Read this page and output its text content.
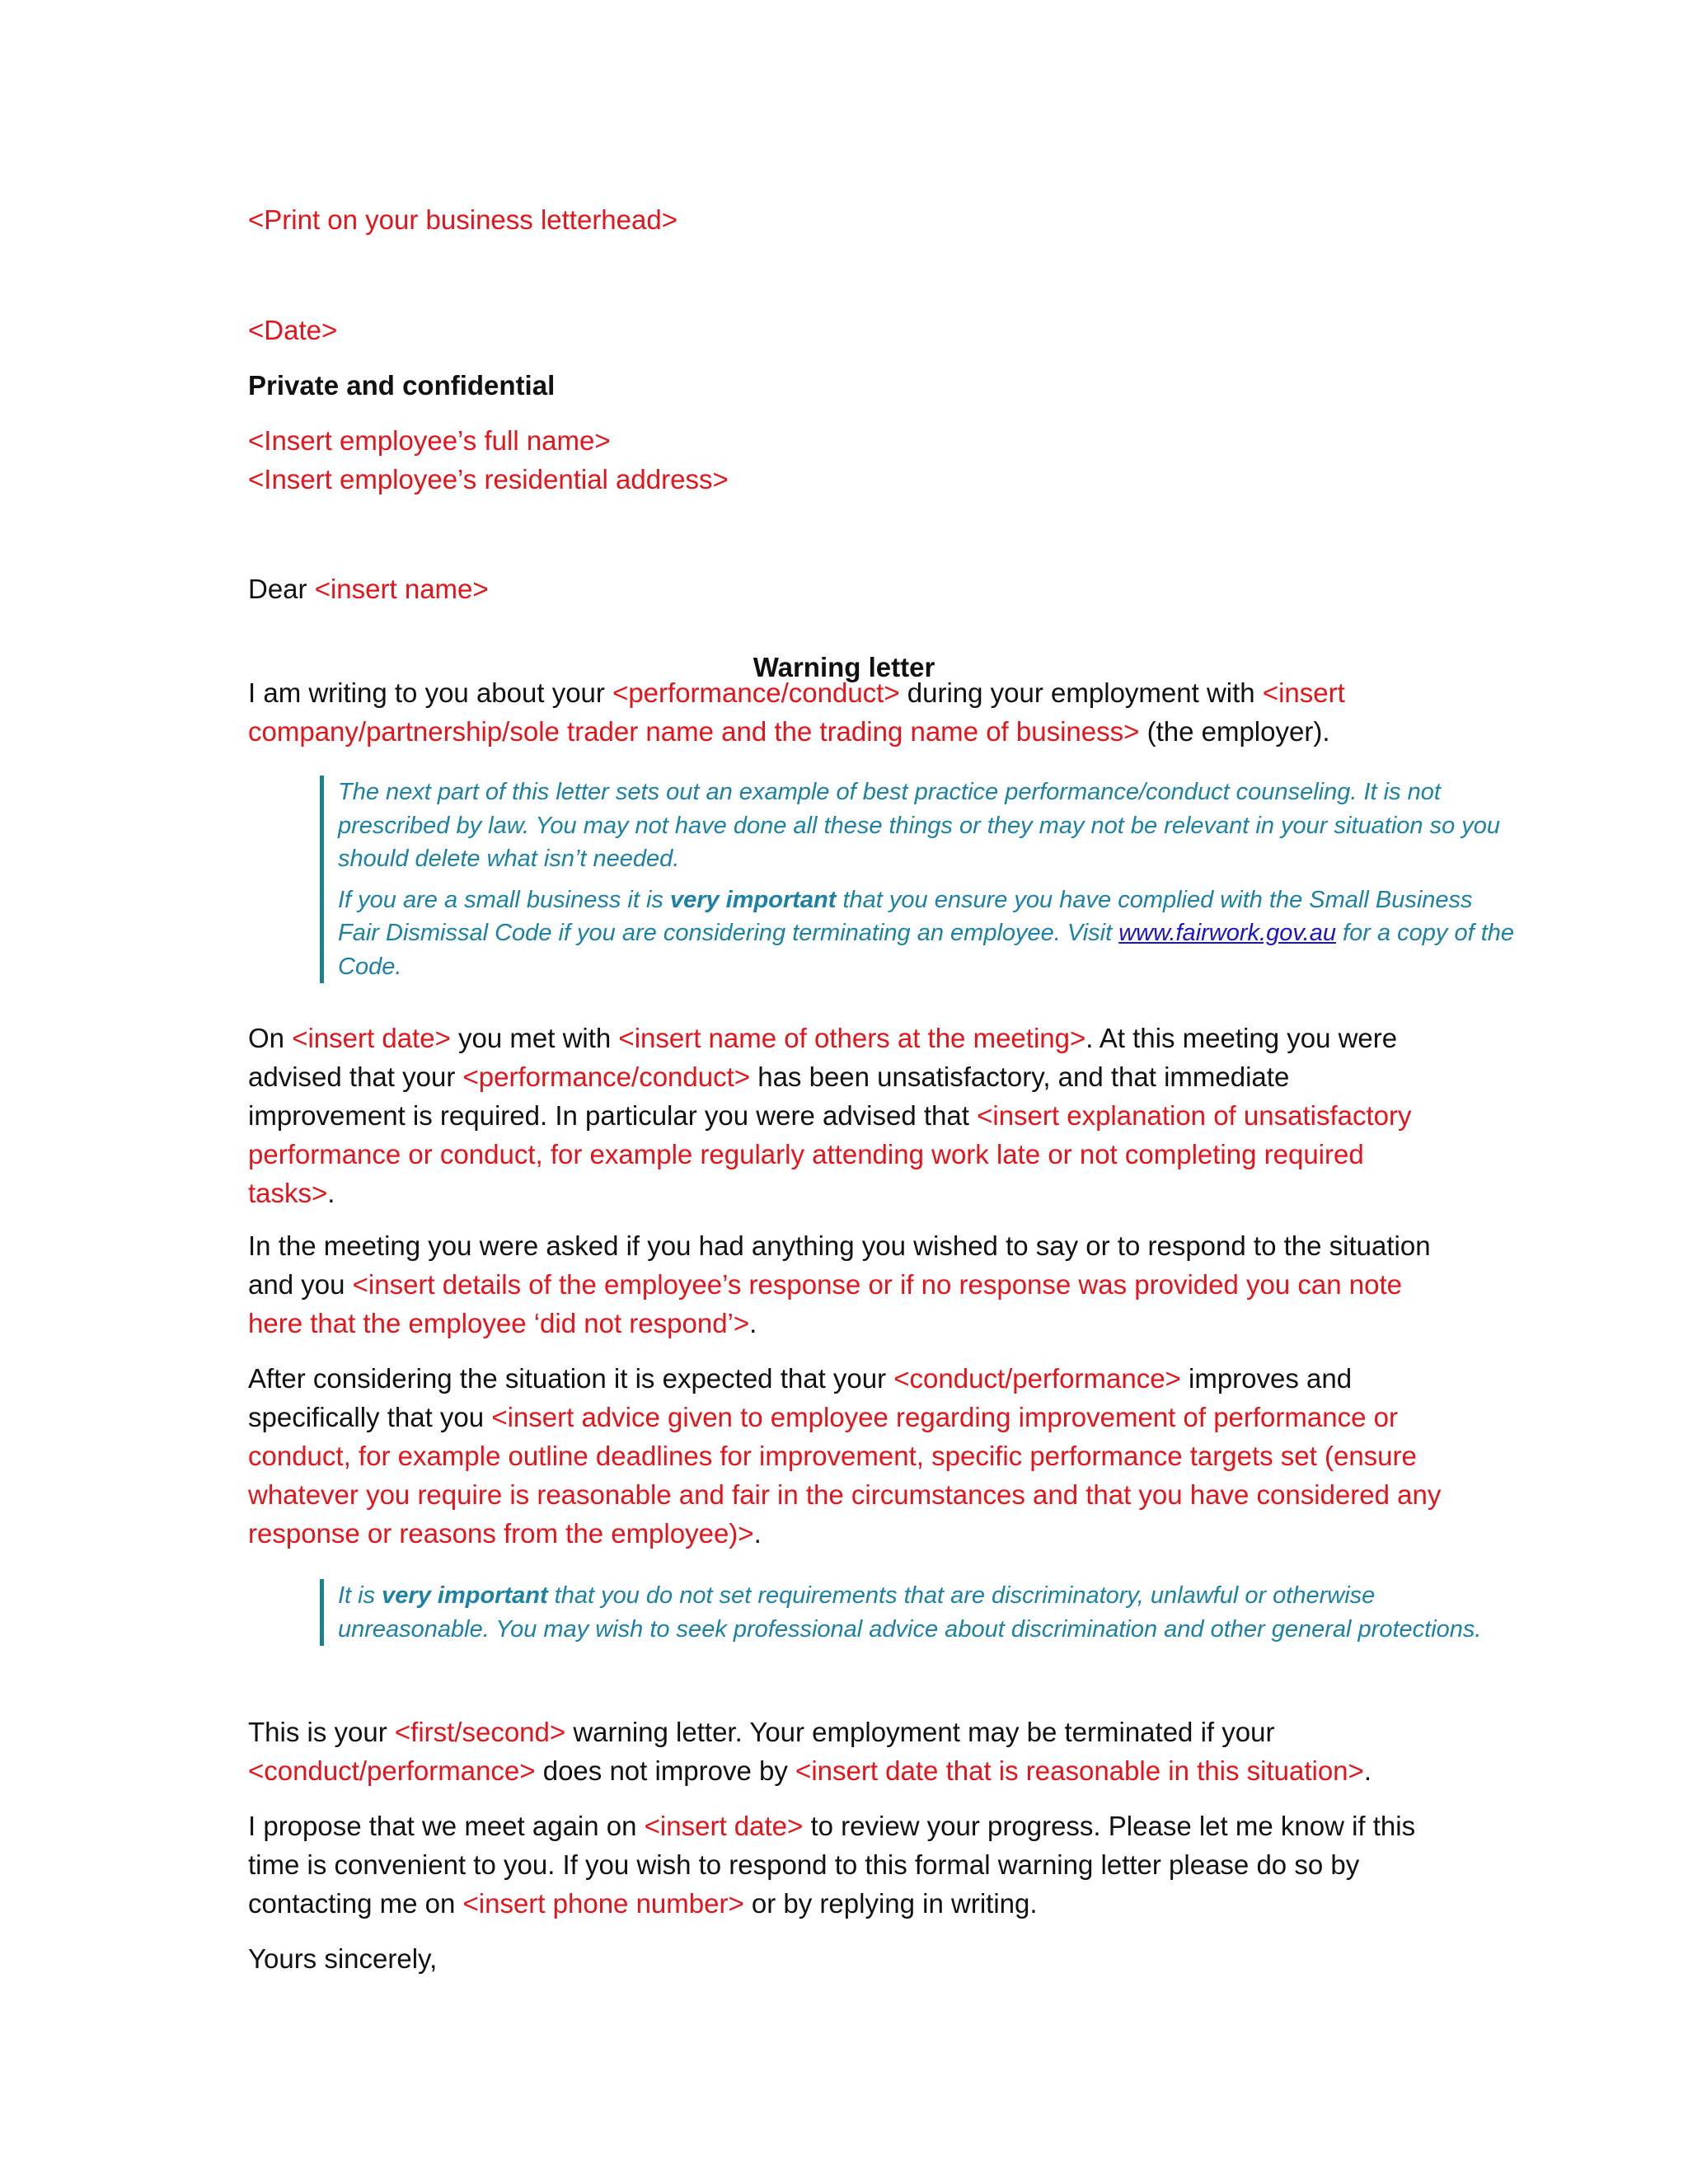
<Print on your business letterhead>

<Date>

Private and confidential

<Insert employee’s full name>

<Insert employee’s residential address>

Dear <insert name>

Warning letter

I am writing to you about your <performance/conduct> during your employment with <insert company/partnership/sole trader name and the trading name of business> (the employer).

The next part of this letter sets out an example of best practice performance/conduct counseling. It is not prescribed by law. You may not have done all these things or they may not be relevant in your situation so you should delete what isn’t needed.

If you are a small business it is very important that you ensure you have complied with the Small Business Fair Dismissal Code if you are considering terminating an employee. Visit www.fairwork.gov.au for a copy of the Code.

On <insert date> you met with <insert name of others at the meeting>. At this meeting you were advised that your <performance/conduct> has been unsatisfactory, and that immediate improvement is required. In particular you were advised that <insert explanation of unsatisfactory performance or conduct, for example regularly attending work late or not completing required tasks>.

In the meeting you were asked if you had anything you wished to say or to respond to the situation and you <insert details of the employee’s response or if no response was provided you can note here that the employee ‘did not respond’>.

After considering the situation it is expected that your <conduct/performance> improves and specifically that you <insert advice given to employee regarding improvement of performance or conduct, for example outline deadlines for improvement, specific performance targets set (ensure whatever you require is reasonable and fair in the circumstances and that you have considered any response or reasons from the employee)>.

It is very important that you do not set requirements that are discriminatory, unlawful or otherwise unreasonable. You may wish to seek professional advice about discrimination and other general protections.

This is your <first/second> warning letter. Your employment may be terminated if your <conduct/performance> does not improve by <insert date that is reasonable in this situation>.

I propose that we meet again on <insert date> to review your progress. Please let me know if this time is convenient to you. If you wish to respond to this formal warning letter please do so by contacting me on <insert phone number> or by replying in writing.

Yours sincerely,
